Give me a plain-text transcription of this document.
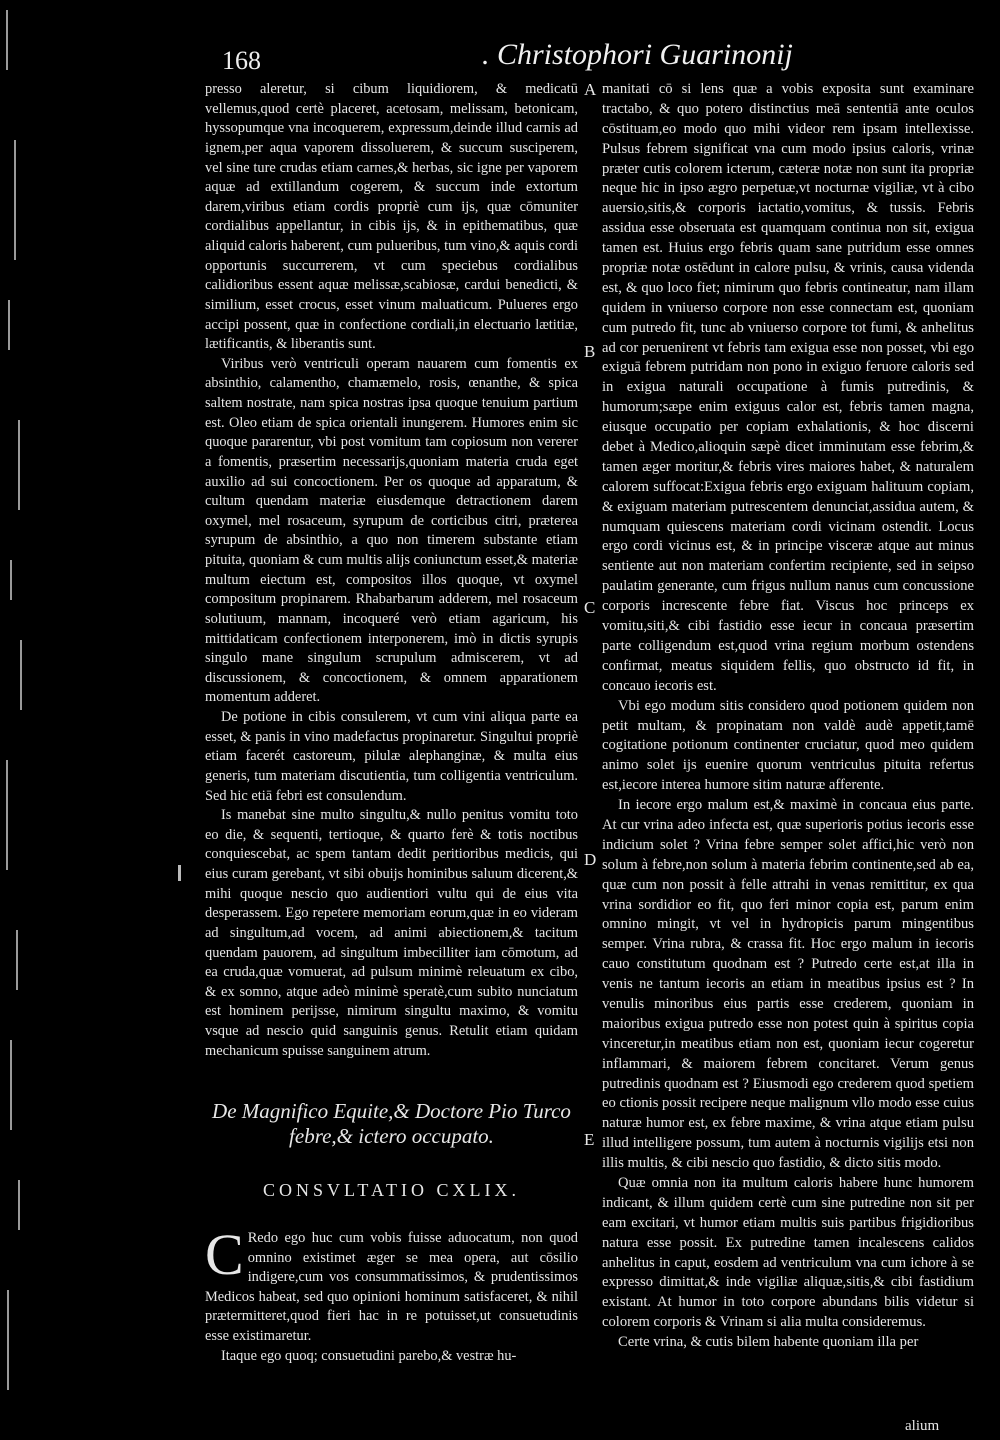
168	. Christophori Guarinonij

presso aleretur, si cibum liquidiorem, & medicatū vellemus,quod certè placeret, acetosam, melissam, betonicam, hyssopumque vna incoquerem, expressum,deinde illud carnis ad ignem,per aqua vaporem dissoluerem, & succum susciperem, vel sine ture crudas etiam carnes,& herbas, sic igne per vaporem aquæ ad extillandum cogerem, & succum inde extortum darem,viribus etiam cordis propriè cum ijs, quæ cōmuniter cordialibus appellantur, in cibis ijs, & in epithematibus, quæ aliquid caloris haberent, cum pulueribus, tum vino,& aquis cordi opportunis succurrerem, vt cum speciebus cordialibus calidioribus essent aquæ melissæ,scabiosæ, cardui benedicti, & similium, esset crocus, esset vinum maluaticum. Pulueres ergo accipi possent, quæ in confectione cordiali,in electuario lætitiæ, lætificantis, & liberantis sunt.

Viribus verò ventriculi operam nauarem cum fomentis ex absinthio, calamentho, chamæmelo, rosis, œnanthe, & spica saltem nostrate, nam spica nostras ipsa quoque tenuium partium est. Oleo etiam de spica orientali inungerem. Humores enim sic quoque pararentur, vbi post vomitum tam copiosum non vererer a fomentis, præsertim necessarijs,quoniam materia cruda eget auxilio ad sui concoctionem. Per os quoque ad apparatum, & cultum quendam materiæ eiusdemque detractionem darem oxymel, mel rosaceum, syrupum de corticibus citri, præterea syrupum de absinthio, a quo non timerem substante etiam pituita, quoniam & cum multis alijs coniunctum esset,& materiæ multum eiectum est, compositos illos quoque, vt oxymel compositum propinarem. Rhabarbarum adderem, mel rosaceum solutiuum, mannam, incoqueré verò etiam agaricum, his mittidaticam confectionem interponerem, imò in dictis syrupis singulo mane singulum scrupulum admiscerem, vt ad discussionem, & concoctionem, & omnem apparationem momentum adderet.

De potione in cibis consulerem, vt cum vini aliqua parte ea esset, & panis in vino madefactus propinaretur. Singultui propriè etiam facerét castoreum, pilulæ alephanginæ, & multa eius generis, tum materiam discutientia, tum colligentia ventriculum. Sed hic etiā febri est consulendum.

Is manebat sine multo singultu,& nullo penitus vomitu toto eo die, & sequenti, tertioque, & quarto ferè & totis noctibus conquiescebat, ac spem tantam dedit peritioribus medicis, qui eius curam gerebant, vt sibi obuijs hominibus saluum dicerent,& mihi quoque nescio quo audientiori vultu qui de eius vita desperassem. Ego repetere memoriam eorum,quæ in eo videram ad singultum,ad vocem, ad animi abiectionem,& tacitum quendam pauorem, ad singultum imbecilliter iam cōmotum, ad ea cruda,quæ vomuerat, ad pulsum minimè releuatum ex cibo, & ex somno, atque adeò minimè speratè,cum subito nunciatum est hominem perijsse, nimirum singultu maximo, & vomitu vsque ad nescio quid sanguinis genus. Retulit etiam quidam mechanicum spuisse sanguinem atrum.

De Magnifico Equite,& Doctore Pio Turco febre,& ictero occupato.

CONSVLTATIO CXLIX.

C Redo ego huc cum vobis fuisse aduocatum, non quod omnino existimet æger se mea opera, aut cōsilio indigere,cum vos consummatissimos, & prudentissimos Medicos habeat, sed quo opinioni hominum satisfaceret, & nihil prætermitteret,quod fieri hac in re potuisset,ut consuetudinis esse existimaretur.

Itaque ego quoq; consuetudini parebo,& vestræ hu-

A
B
C
D
E

manitati cō si lens quæ a vobis exposita sunt examinare tractabo, & quo potero distinctius meā sententiā ante oculos cōstituam,eo modo quo mihi videor rem ipsam intellexisse. Pulsus febrem significat vna cum modo ipsius caloris, vrinæ præter cutis colorem icterum, cæteræ notæ non sunt ita propriæ neque hic in ipso ægro perpetuæ,vt nocturnæ vigiliæ, vt à cibo auersio,sitis,& corporis iactatio,vomitus, & tussis. Febris assidua esse obseruata est quamquam continua non sit, exigua tamen est. Huius ergo febris quam sane putridum esse omnes propriæ notæ ostēdunt in calore pulsu, & vrinis, causa videnda est, & quo loco fiet; nimirum quo febris contineatur, nam illam quidem in vniuerso corpore non esse connectam est, quoniam cum putredo fit, tunc ab vniuerso corpore tot fumi, & anhelitus ad cor peruenirent vt febris tam exigua esse non posset, vbi ego exiguā febrem putridam non pono in exiguo feruore caloris sed in exigua naturali occupatione à fumis putredinis, & humorum;sæpe enim exiguus calor est, febris tamen magna, eiusque occupatio per copiam exhalationis, & hoc discerni debet à Medico,alioquin sæpè dicet imminutam esse febrim,& tamen æger moritur,& febris vires maiores habet, & naturalem calorem suffocat:Exigua febris ergo exiguam halituum copiam, & exiguam materiam putrescentem denunciat,assidua autem, & numquam quiescens materiam cordi vicinam ostendit. Locus ergo cordi vicinus est, & in principe visceræ atque aut minus sentiente aut non materiam confertim recipiente, sed in seipso paulatim generante, cum frigus nullum nanus cum concussione corporis increscente febre fiat. Viscus hoc princeps ex vomitu,siti,& cibi fastidio esse iecur in concaua præsertim parte colligendum est,quod vrina regium morbum ostendens confirmat, meatus siquidem fellis, quo obstructo id fit, in concauo iecoris est.

Vbi ego modum sitis considero quod potionem quidem non petit multam, & propinatam non valdè audè appetit,tamē cogitatione potionum continenter cruciatur, quod meo quidem animo solet ijs euenire quorum ventriculus pituita refertus est,iecore interea humore sitim naturæ afferente.

In iecore ergo malum est,& maximè in concaua eius parte. At cur vrina adeo infecta est, quæ superioris potius iecoris esse indicium solet ? Vrina febre semper solet affici,hic verò non solum à febre,non solum à materia febrim continente,sed ab ea, quæ cum non possit à felle attrahi in venas remittitur, ex qua vrina sordidior eo fit, quo feri minor copia est, parum enim omnino mingit, vt vel in hydropicis parum mingentibus semper. Vrina rubra, & crassa fit. Hoc ergo malum in iecoris cauo constitutum quodnam est ? Putredo certe est,at illa in venis ne tantum iecoris an etiam in meatibus ipsius est ? In venulis minoribus eius partis esse crederem, quoniam in maioribus exigua putredo esse non potest quin à spiritus copia vinceretur,in meatibus etiam non est, quoniam iecur cogeretur inflammari, & maiorem febrem concitaret. Verum genus putredinis quodnam est ? Eiusmodi ego crederem quod spetiem eo ctionis possit recipere neque malignum vllo modo esse cuius naturæ humor est, ex febre maxime, & vrina atque etiam pulsu illud intelligere possum, tum autem à nocturnis vigilijs etsi non illis multis, & cibi nescio quo fastidio, & dicto sitis modo.

Quæ omnia non ita multum caloris habere hunc humorem indicant, & illum quidem certè cum sine putredine non sit per eam excitari, vt humor etiam multis suis partibus frigidioribus natura esse possit. Ex putredine tamen incalescens calidos anhelitus in caput, eosdem ad ventriculum vna cum ichore à se expresso dimittat,& inde vigiliæ aliquæ,sitis,& cibi fastidium existant. At humor in toto corpore abundans bilis videtur si colorem corporis & Vrinam si alia multa consideremus.

Certe vrina, & cutis bilem habente quoniam illa per

alium
